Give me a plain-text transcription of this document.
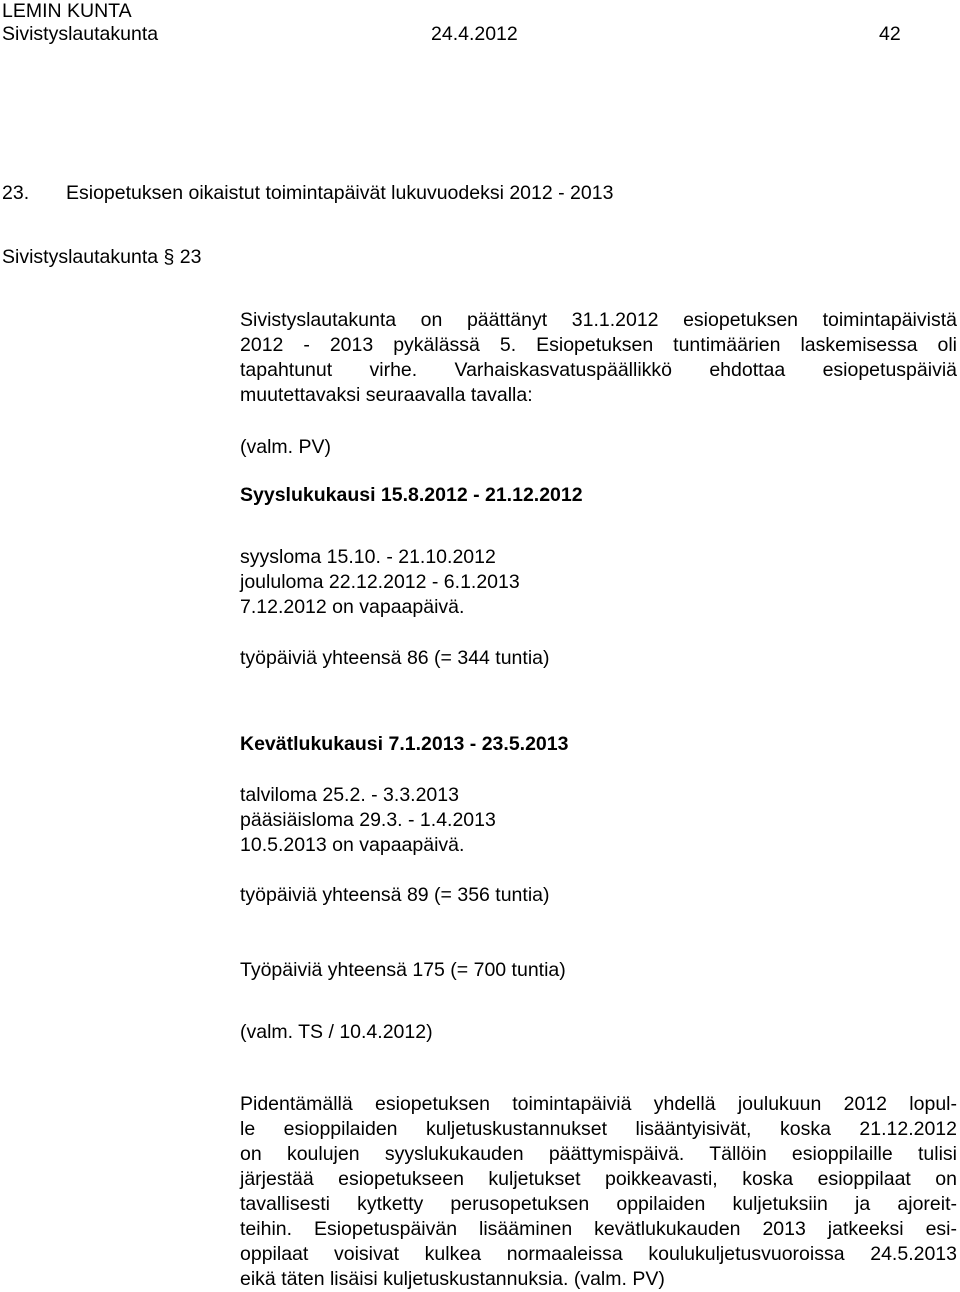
LEMIN KUNTA
Sivistyslautakunta	24.4.2012	42
23. Esiopetuksen oikaistut toimintapäivät lukuvuodeksi 2012 - 2013
Sivistyslautakunta § 23
Sivistyslautakunta on päättänyt 31.1.2012 esiopetuksen toimintapäivistä
2012 - 2013 pykälässä 5. Esiopetuksen tuntimäärien laskemisessa oli
tapahtunut virhe. Varhaiskasvatuspäällikkö ehdottaa esiopetuspäiviä
muutettavaksi seuraavalla tavalla:
(valm. PV)
Syyslukukausi 15.8.2012 - 21.12.2012
syysloma 15.10. - 21.10.2012
joululoma 22.12.2012 - 6.1.2013
7.12.2012 on vapaapäivä.
työpäiviä yhteensä 86 (= 344 tuntia)
Kevätlukukausi 7.1.2013 - 23.5.2013
talviloma 25.2. - 3.3.2013
pääsiäisloma 29.3. - 1.4.2013
10.5.2013 on vapaapäivä.
työpäiviä yhteensä 89 (= 356 tuntia)
Työpäiviä yhteensä 175 (= 700 tuntia)
(valm. TS / 10.4.2012)
Pidentämällä esiopetuksen toimintapäiviä yhdellä joulukuun 2012 lopul-
le esioppilaiden kuljetuskustannukset lisääntyisivät, koska 21.12.2012
on koulujen syyslukukauden päättymispäivä. Tällöin esioppilaille tulisi
järjestää esiopetukseen kuljetukset poikkeavasti, koska esioppilaat on
tavallisesti kytketty perusopetuksen oppilaiden kuljetuksiin ja ajoreit-
teihin. Esiopetuspäivän lisääminen kevätlukukauden 2013 jatkeeksi esi-
oppilaat voisivat kulkea normaaleissa koulukuljetusvuoroissa 24.5.2013
eikä täten lisäisi kuljetuskustannuksia. (valm. PV)
